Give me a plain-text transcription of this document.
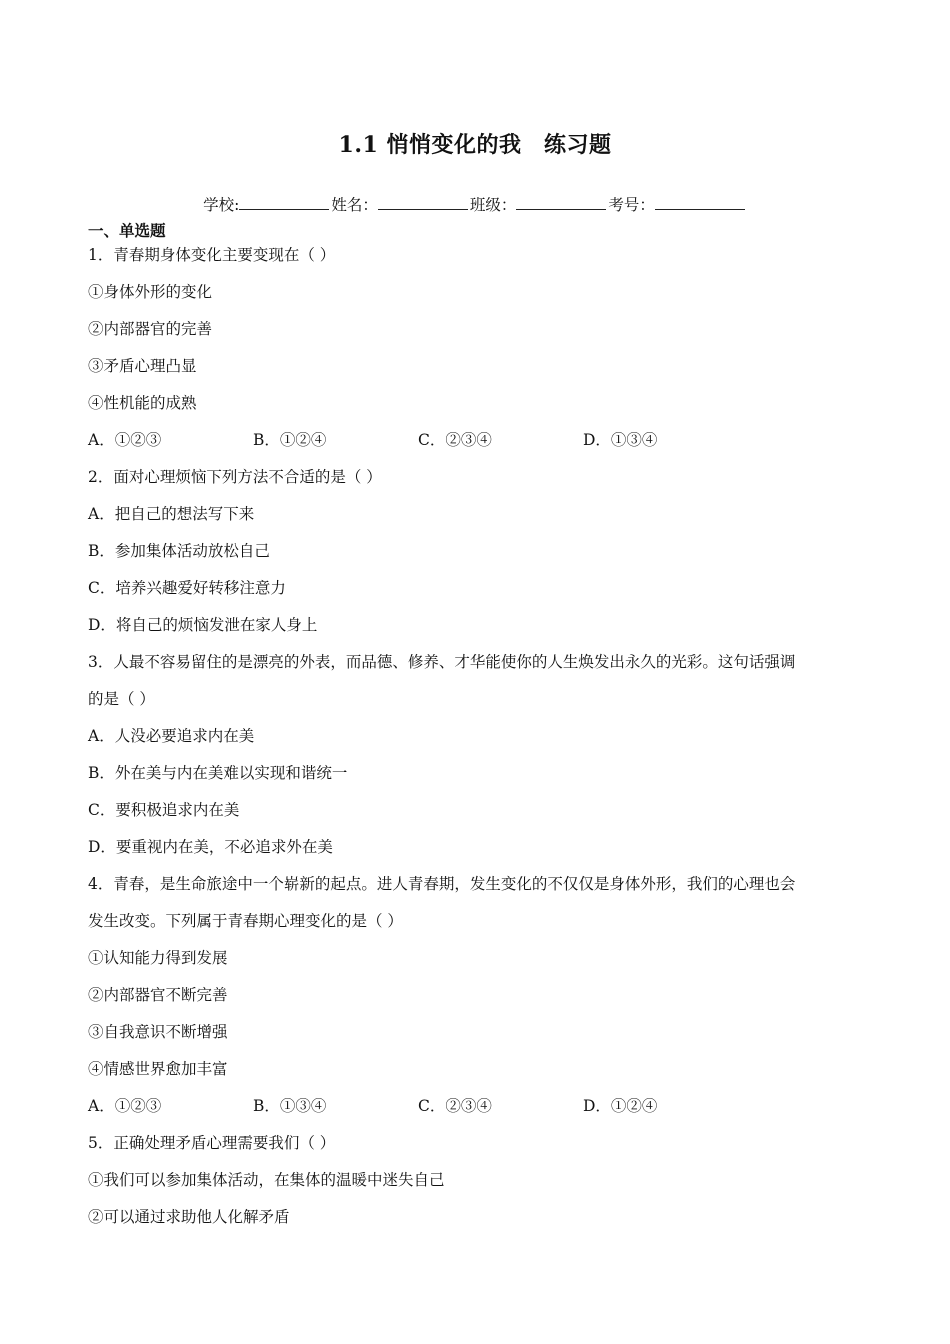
1.1 悄悄变化的我　练习题
学校:	姓名：	班级：	考号：
一、单选题
1．青春期身体变化主要变现在（ ）
①身体外形的变化
②内部器官的完善
③矛盾心理凸显
④性机能的成熟
A．①②③	B．①②④	C．②③④	D．①③④
2．面对心理烦恼下列方法不合适的是（ ）
A．把自己的想法写下来
B．参加集体活动放松自己
C．培养兴趣爱好转移注意力
D．将自己的烦恼发泄在家人身上
3．人最不容易留住的是漂亮的外表，而品德、修养、才华能使你的人生焕发出永久的光彩。这句话强调
的是（ ）
A．人没必要追求内在美
B．外在美与内在美难以实现和谐统一
C．要积极追求内在美
D．要重视内在美，不必追求外在美
4．青春，是生命旅途中一个崭新的起点。进人青春期，发生变化的不仅仅是身体外形，我们的心理也会
发生改变。下列属于青春期心理变化的是（ ）
①认知能力得到发展
②内部器官不断完善
③自我意识不断增强
④情感世界愈加丰富
A．①②③	B．①③④	C．②③④	D．①②④
5．正确处理矛盾心理需要我们（ ）
①我们可以参加集体活动，在集体的温暖中迷失自己
②可以通过求助他人化解矛盾
